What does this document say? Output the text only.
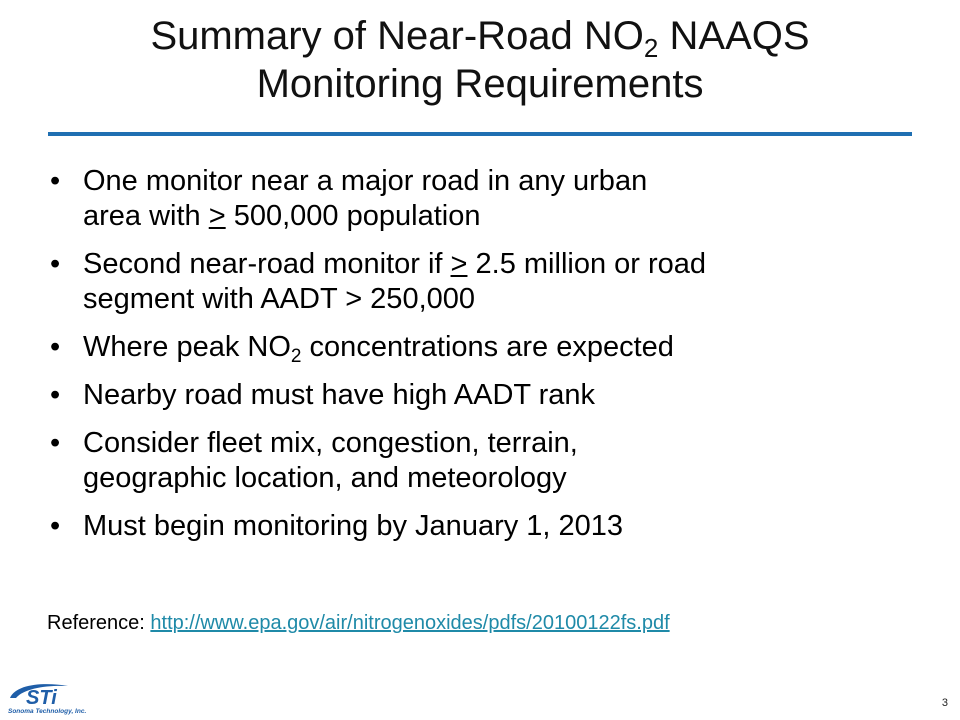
Summary of Near-Road $NO_2$ NAAQS
Monitoring Requirements
• One monitor near a major road in any urban
area with ≥ 500,000 population
• Second near-road monitor if ≥ 2.5 million or road
segment with AADT > 250,000
• Where peak $NO_2$ concentrations are expected
• Nearby road must have high AADT rank
• Consider fleet mix, congestion, terrain,
geographic location, and meteorology
• Must begin monitoring by January 1, 2013
Reference: http://www.epa.gov/air/nitrogenoxides/pdfs/20100122fs.pdf
STi
Sonoma Technology, Inc.
3
